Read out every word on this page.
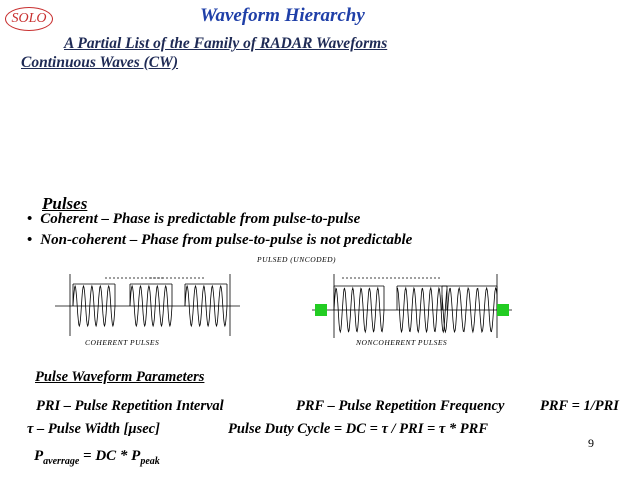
SOLO	Waveform Hierarchy
A Partial List of the Family of RADAR Waveforms
Continuous Waves (CW)
Pulses
• Coherent – Phase is predictable from pulse-to-pulse
• Non-coherent – Phase from pulse-to-pulse is not predictable
PULSED (UNCODED)
COHERENT PULSES	NONCOHERENT PULSES
Pulse Waveform Parameters
PRI – Pulse Repetition Interval	PRF – Pulse Repetition Frequency PRF = 1/PRI
τ – Pulse Width [μsec]	Pulse Duty Cycle = DC = τ / PRI = τ * PRF
$P_{averrage}$ = DC * $P_{peak}$
9
